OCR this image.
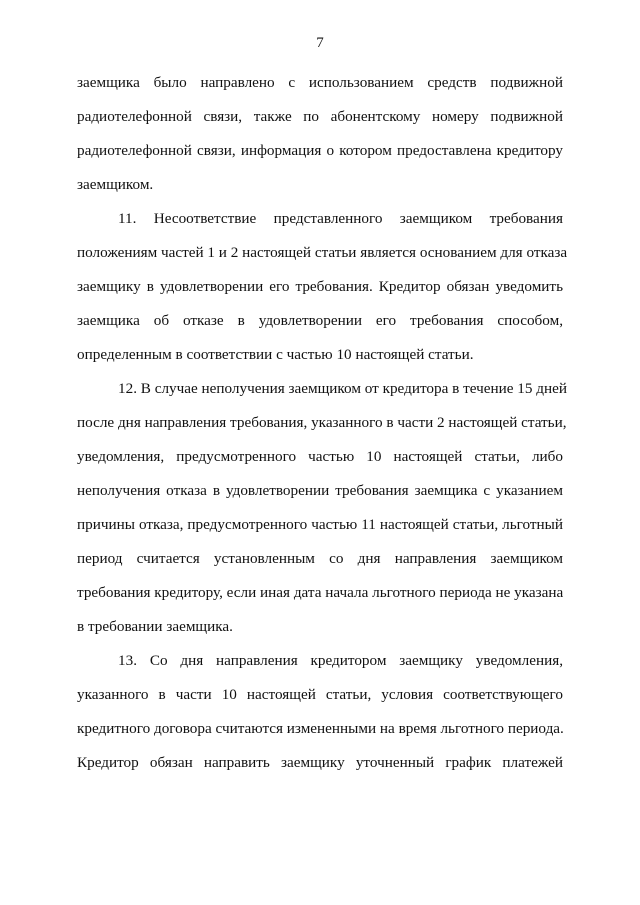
7
заемщика было направлено с использованием средств подвижной
радиотелефонной связи, также по абонентскому номеру подвижной
радиотелефонной связи, информация о котором предоставлена кредитору
заемщиком.
11. Несоответствие представленного заемщиком требования
положениям частей 1 и 2 настоящей статьи является основанием для отказа
заемщику в удовлетворении его требования. Кредитор обязан уведомить
заемщика об отказе в удовлетворении его требования способом,
определенным в соответствии с частью 10 настоящей статьи.
12. В случае неполучения заемщиком от кредитора в течение 15 дней
после дня направления требования, указанного в части 2 настоящей статьи,
уведомления, предусмотренного частью 10 настоящей статьи, либо
неполучения отказа в удовлетворении требования заемщика с указанием
причины отказа, предусмотренного частью 11 настоящей статьи, льготный
период считается установленным со дня направления заемщиком
требования кредитору, если иная дата начала льготного периода не указана
в требовании заемщика.
13. Со дня направления кредитором заемщику уведомления,
указанного в части 10 настоящей статьи, условия соответствующего
кредитного договора считаются измененными на время льготного периода.
Кредитор обязан направить заемщику уточненный график платежей
